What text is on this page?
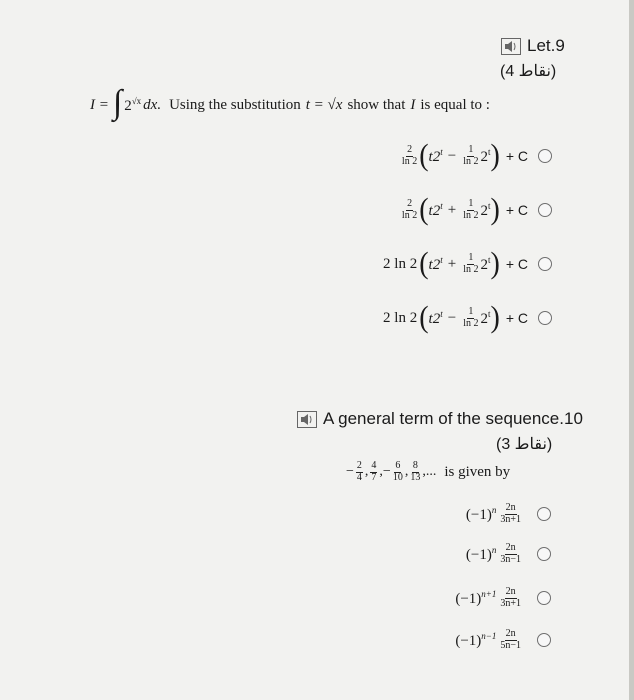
Let.9
(4 نقاط)
I = ∫ $2^{√x}$ dx. Using the substitution t = √x show that I is equal to :
$\frac{2}{\ln 2}$ ( $t2^t - \frac{1}{\ln 2} 2^t$ ) + C
$\frac{2}{\ln 2}$ ( $t2^t + \frac{1}{\ln 2} 2^t$ ) + C
2 ln 2 ( $t2^t + \frac{1}{\ln 2} 2^t$ ) + C
2 ln 2 ( $t2^t - \frac{1}{\ln 2} 2^t$ ) + C
A general term of the sequence.10
(3 نقاط)
− $\frac{2}{4}$ , $\frac{4}{7}$ , − $\frac{6}{10}$ , $\frac{8}{13}$ ,... is given by
$(-1)^n \frac{2n}{3n+1}$
$(-1)^n \frac{2n}{3n-1}$
$(-1)^{n+1} \frac{2n}{3n+1}$
$(-1)^{n-1} \frac{2n}{5n-1}$
